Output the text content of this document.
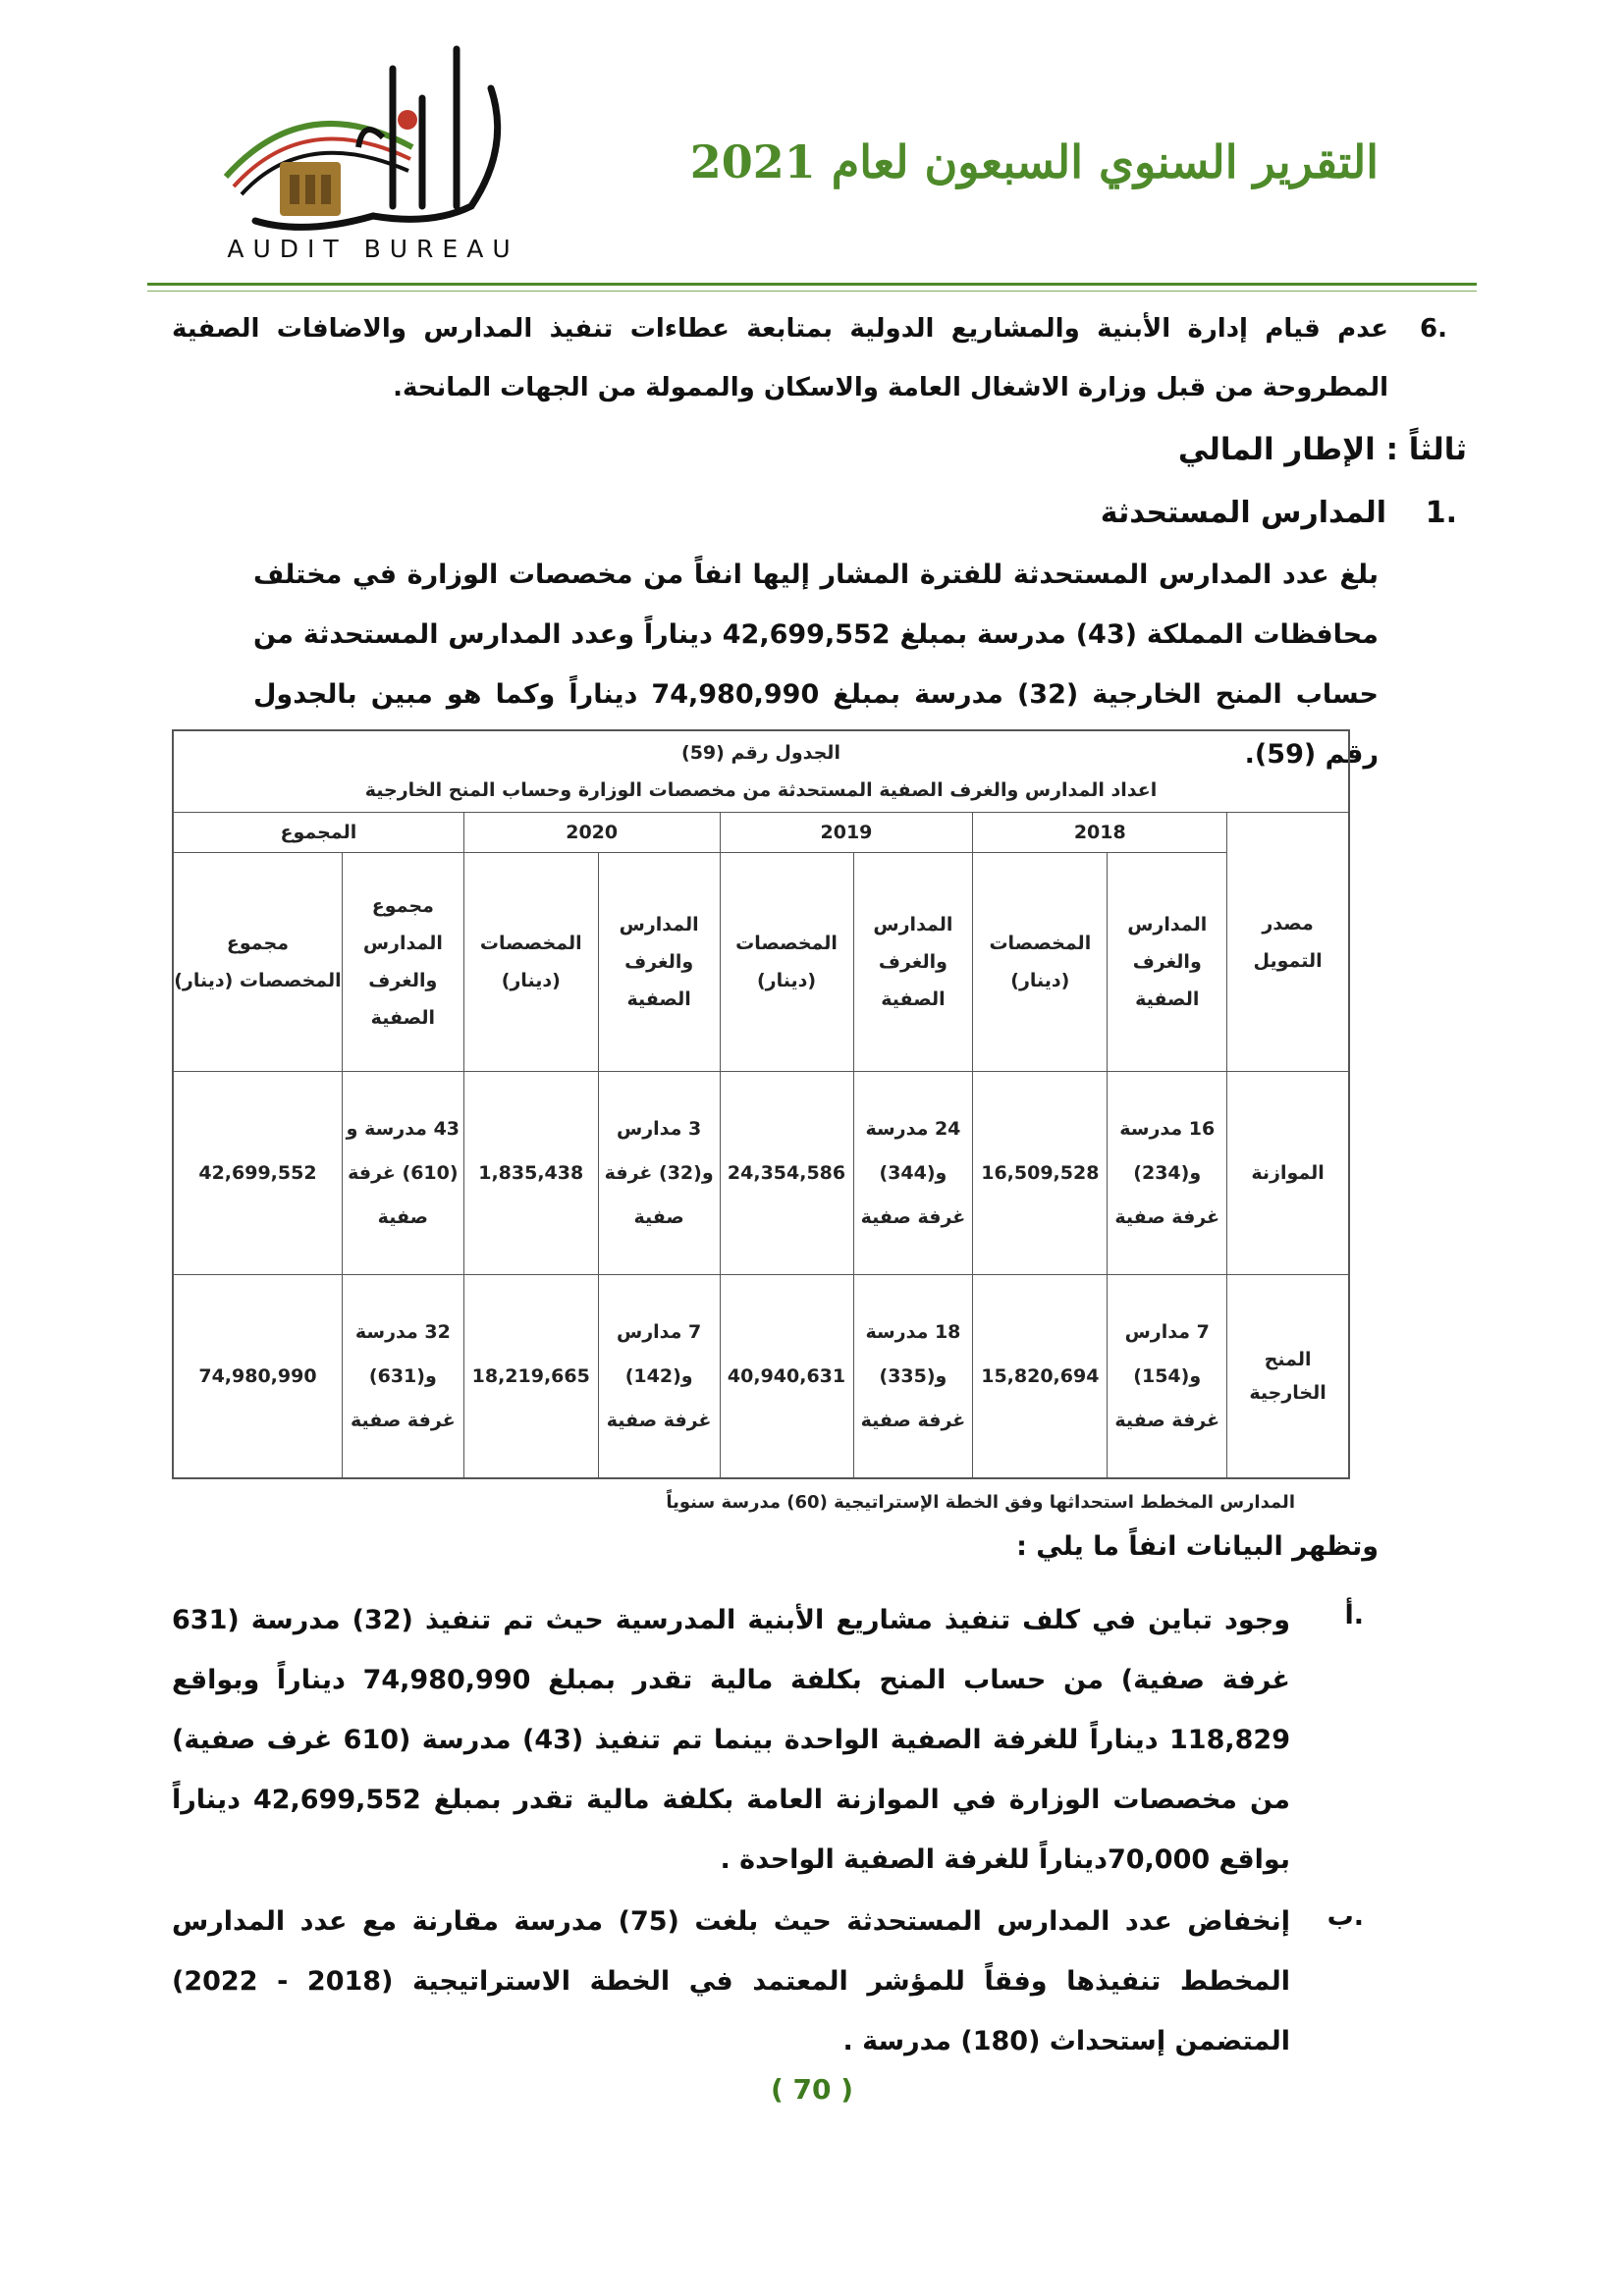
AUDIT BUREAU
ديوان المحاسبة
التقرير السنوي السبعون لعام 2021
.6
عدم قيام إدارة الأبنية والمشاريع الدولية بمتابعة عطاءات تنفيذ المدارس والاضافات الصفية المطروحة من قبل وزارة الاشغال العامة والاسكان والممولة من الجهات المانحة.
ثالثاً : الإطار المالي
.1
المدارس المستحدثة
بلغ عدد المدارس المستحدثة للفترة المشار إليها انفاً من مخصصات الوزارة في مختلف محافظات المملكة (43) مدرسة بمبلغ 42,699,552 ديناراً وعدد المدارس المستحدثة من حساب المنح الخارجية (32) مدرسة بمبلغ 74,980,990 ديناراً وكما هو مبين بالجدول رقم (59).
الجدول رقم (59)
اعداد المدارس والغرف الصفية المستحدثة من مخصصات الوزارة وحساب المنح الخارجية								

مصدر التمويل	2018		2019		2020		المجموع	
	المدارس والغرف الصفية	المخصصات (دينار)	المدارس والغرف الصفية	المخصصات (دينار)	المدارس والغرف الصفية	المخصصات (دينار)	مجموع المدارس والغرف الصفية	مجموع المخصصات (دينار)
الموازنة	16 مدرسة و(234) غرفة صفية	16,509,528	24 مدرسة و(344) غرفة صفية	24,354,586	3 مدارس و(32) غرفة صفية	1,835,438	43 مدرسة و (610) غرفة صفية	42,699,552
المنح الخارجية	7 مدارس و(154) غرفة صفية	15,820,694	18 مدرسة و(335) غرفة صفية	40,940,631	7 مدارس و(142) غرفة صفية	18,219,665	32 مدرسة و(631) غرفة صفية	74,980,990
المدارس المخطط استحداثها وفق الخطة الإستراتيجية (60) مدرسة سنوياً
وتظهر البيانات انفاً ما يلي :
.أ
وجود تباين في كلف تنفيذ مشاريع الأبنية المدرسية حيث تم تنفيذ (32) مدرسة (631 غرفة صفية) من حساب المنح بكلفة مالية تقدر بمبلغ 74,980,990 ديناراً وبواقع 118,829 ديناراً للغرفة الصفية الواحدة بينما تم تنفيذ (43) مدرسة (610 غرف صفية) من مخصصات الوزارة في الموازنة العامة بكلفة مالية تقدر بمبلغ 42,699,552 ديناراً بواقع 70,000ديناراً للغرفة الصفية الواحدة .
.ب
إنخفاض عدد المدارس المستحدثة حيث بلغت (75) مدرسة مقارنة مع عدد المدارس المخطط تنفيذها وفقاً للمؤشر المعتمد في الخطة الاستراتيجية (2018 - 2022) المتضمن إستحداث (180) مدرسة .
( 70 )
